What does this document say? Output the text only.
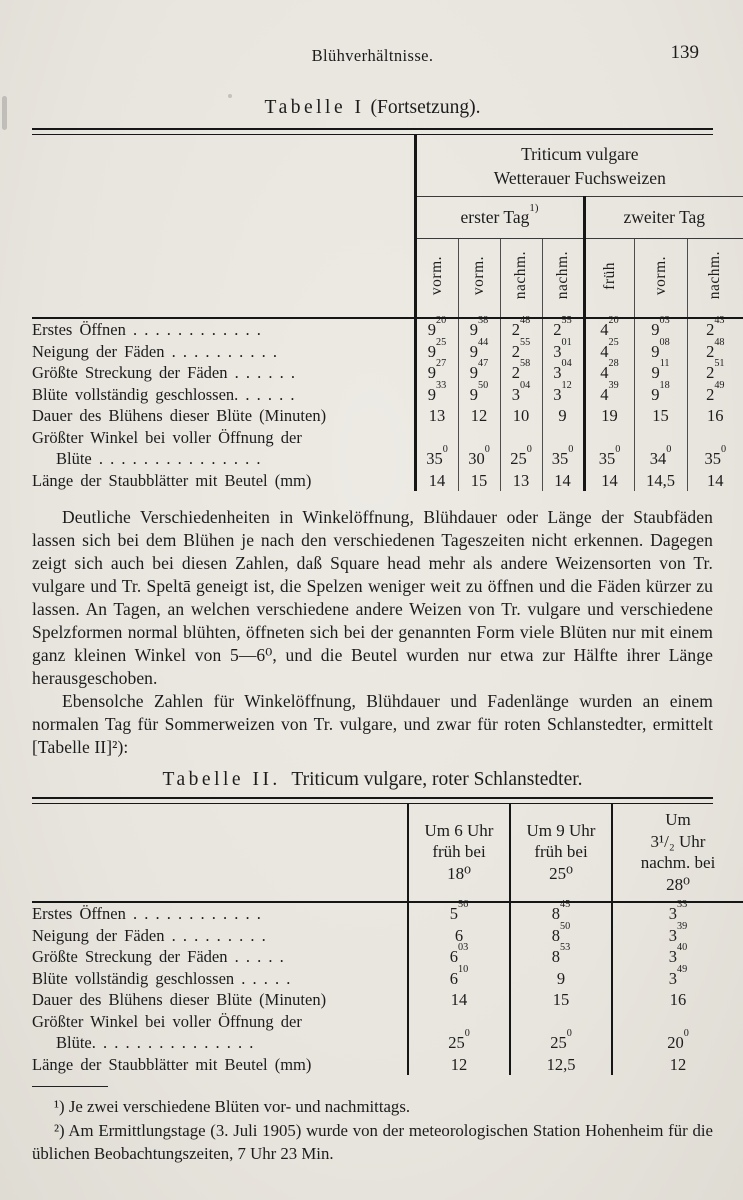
Blühverhältnisse.	139
Tabelle I (Fortsetzung).

	Triticum vulgare
Wetterauer Fuchsweizen						

	erster Tag$^{1)}$				zweiter Tag		
	vorm.	vorm.	nachm.	nachm.	früh	vorm.	nachm.
Erstes Öffnen . . . . . . . . . . . .	$9^{20}$	$9^{38}$	$2^{48}$	$2^{55}$	$4^{20}$	$9^{03}$	$2^{43}$
Neigung der Fäden . . . . . . . . . .	$9^{25}$	$9^{44}$	$2^{55}$	$3^{01}$	$4^{25}$	$9^{08}$	$2^{48}$
Größte Streckung der Fäden . . . . . .	$9^{27}$	$9^{47}$	$2^{58}$	$3^{04}$	$4^{28}$	$9^{11}$	$2^{51}$
Blüte vollständig geschlossen. . . . . .	$9^{33}$	$9^{50}$	$3^{04}$	$3^{12}$	$4^{39}$	$9^{18}$	$2^{49}$
Dauer des Blühens dieser Blüte (Minuten)	13	12	10	9	19	15	16

Größter Winkel bei voller Öffnung der
Blüte . . . . . . . . . . . . . . .	$35^0$	$30^0$	$25^0$	$35^0$	$35^0$	$34^0$	$35^0$
Länge der Staubblätter mit Beutel (mm)	14	15	13	14	14	14,5	14

Deutliche Verschiedenheiten in Winkelöffnung, Blühdauer oder Länge der Staubfäden lassen sich bei dem Blühen je nach den verschiedenen Tageszeiten nicht erkennen. Dagegen zeigt sich auch bei diesen Zahlen, daß Square head mehr als andere Weizensorten von Tr. vulgare und Tr. Speltā geneigt ist, die Spelzen weniger weit zu öffnen und die Fäden kürzer zu lassen. An Tagen, an welchen verschiedene andere Weizen von Tr. vulgare und verschiedene Spelzformen normal blühten, öffneten sich bei der genannten Form viele Blüten nur mit einem ganz kleinen Winkel von 5—6⁰, und die Beutel wurden nur etwa zur Hälfte ihrer Länge herausgeschoben.

Ebensolche Zahlen für Winkelöffnung, Blühdauer und Fadenlänge wurden an einem normalen Tag für Sommerweizen von Tr. vulgare, und zwar für roten Schlanstedter, ermittelt [Tabelle II]²):

Tabelle II. Triticum vulgare, roter Schlanstedter.

Um 6 Uhr
früh bei
18⁰

Um 9 Uhr
früh bei
25⁰

Um
3¹/₂ Uhr
nachm. bei
28⁰

Erstes Öffnen . . . . . . . . . . . .	$5^{56}$	$8^{45}$	$3^{33}$
Neigung der Fäden . . . . . . . . .	6	$8^{50}$	$3^{39}$
Größte Streckung der Fäden . . . . .	$6^{03}$	$8^{53}$	$3^{40}$
Blüte vollständig geschlossen . . . . .	$6^{10}$	9	$3^{49}$
Dauer des Blühens dieser Blüte (Minuten)	14	15	16

Größter Winkel bei voller Öffnung der
Blüte. . . . . . . . . . . . . . .	$25^0$	$25^0$	$20^0$
Länge der Staubblätter mit Beutel (mm)	12	12,5	12

¹) Je zwei verschiedene Blüten vor- und nachmittags.

²) Am Ermittlungstage (3. Juli 1905) wurde von der meteorologischen Station Hohenheim für die üblichen Beobachtungszeiten, 7 Uhr 23 Min.
